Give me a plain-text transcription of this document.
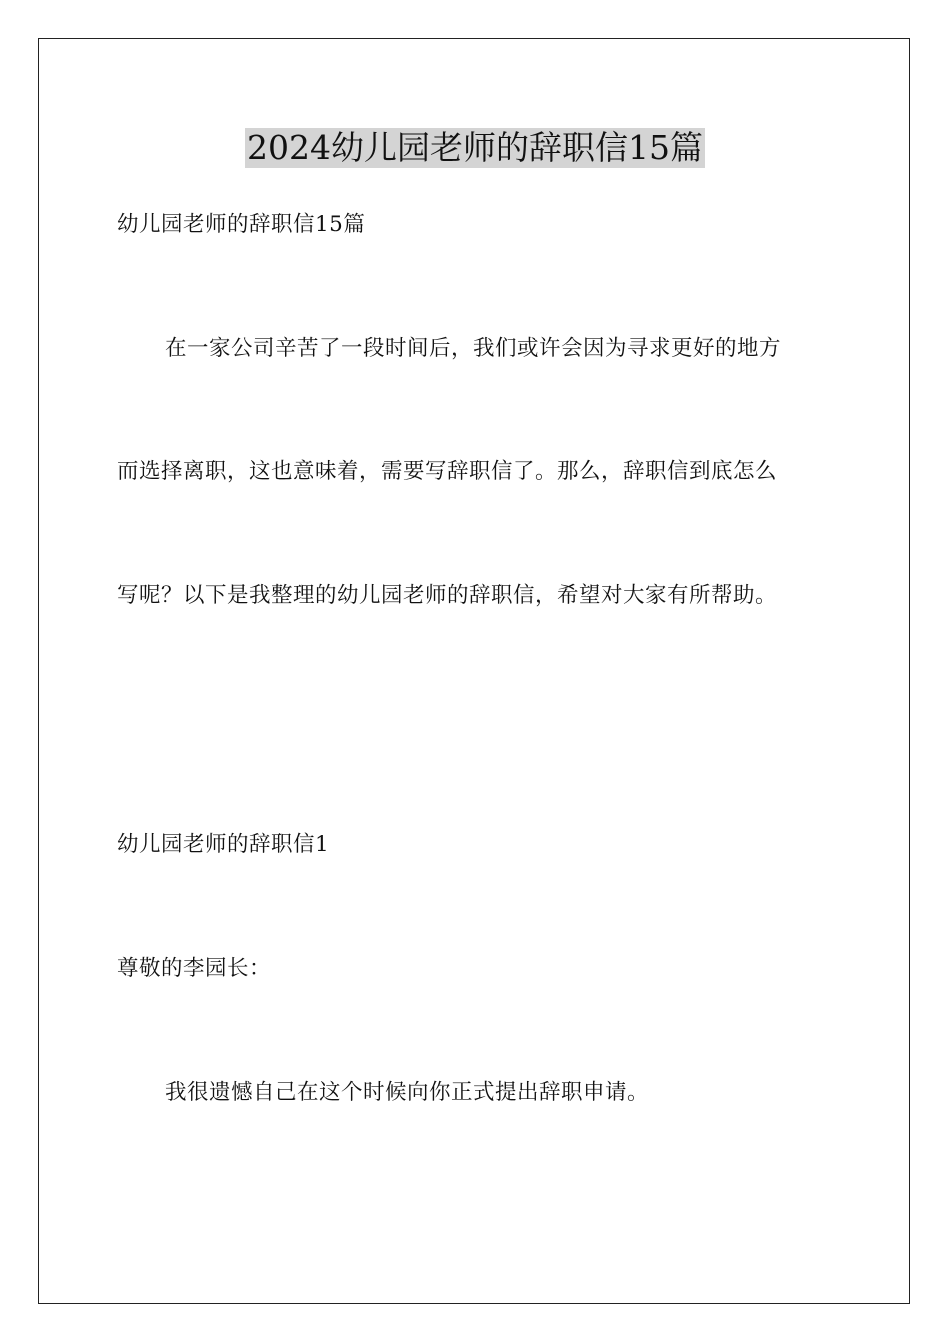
2024幼儿园老师的辞职信15篇
幼儿园老师的辞职信15篇
在一家公司辛苦了一段时间后，我们或许会因为寻求更好的地方
而选择离职，这也意味着，需要写辞职信了。那么，辞职信到底怎么
写呢？以下是我整理的幼儿园老师的辞职信，希望对大家有所帮助。
幼儿园老师的辞职信1
尊敬的李园长：
我很遗憾自己在这个时候向你正式提出辞职申请。
